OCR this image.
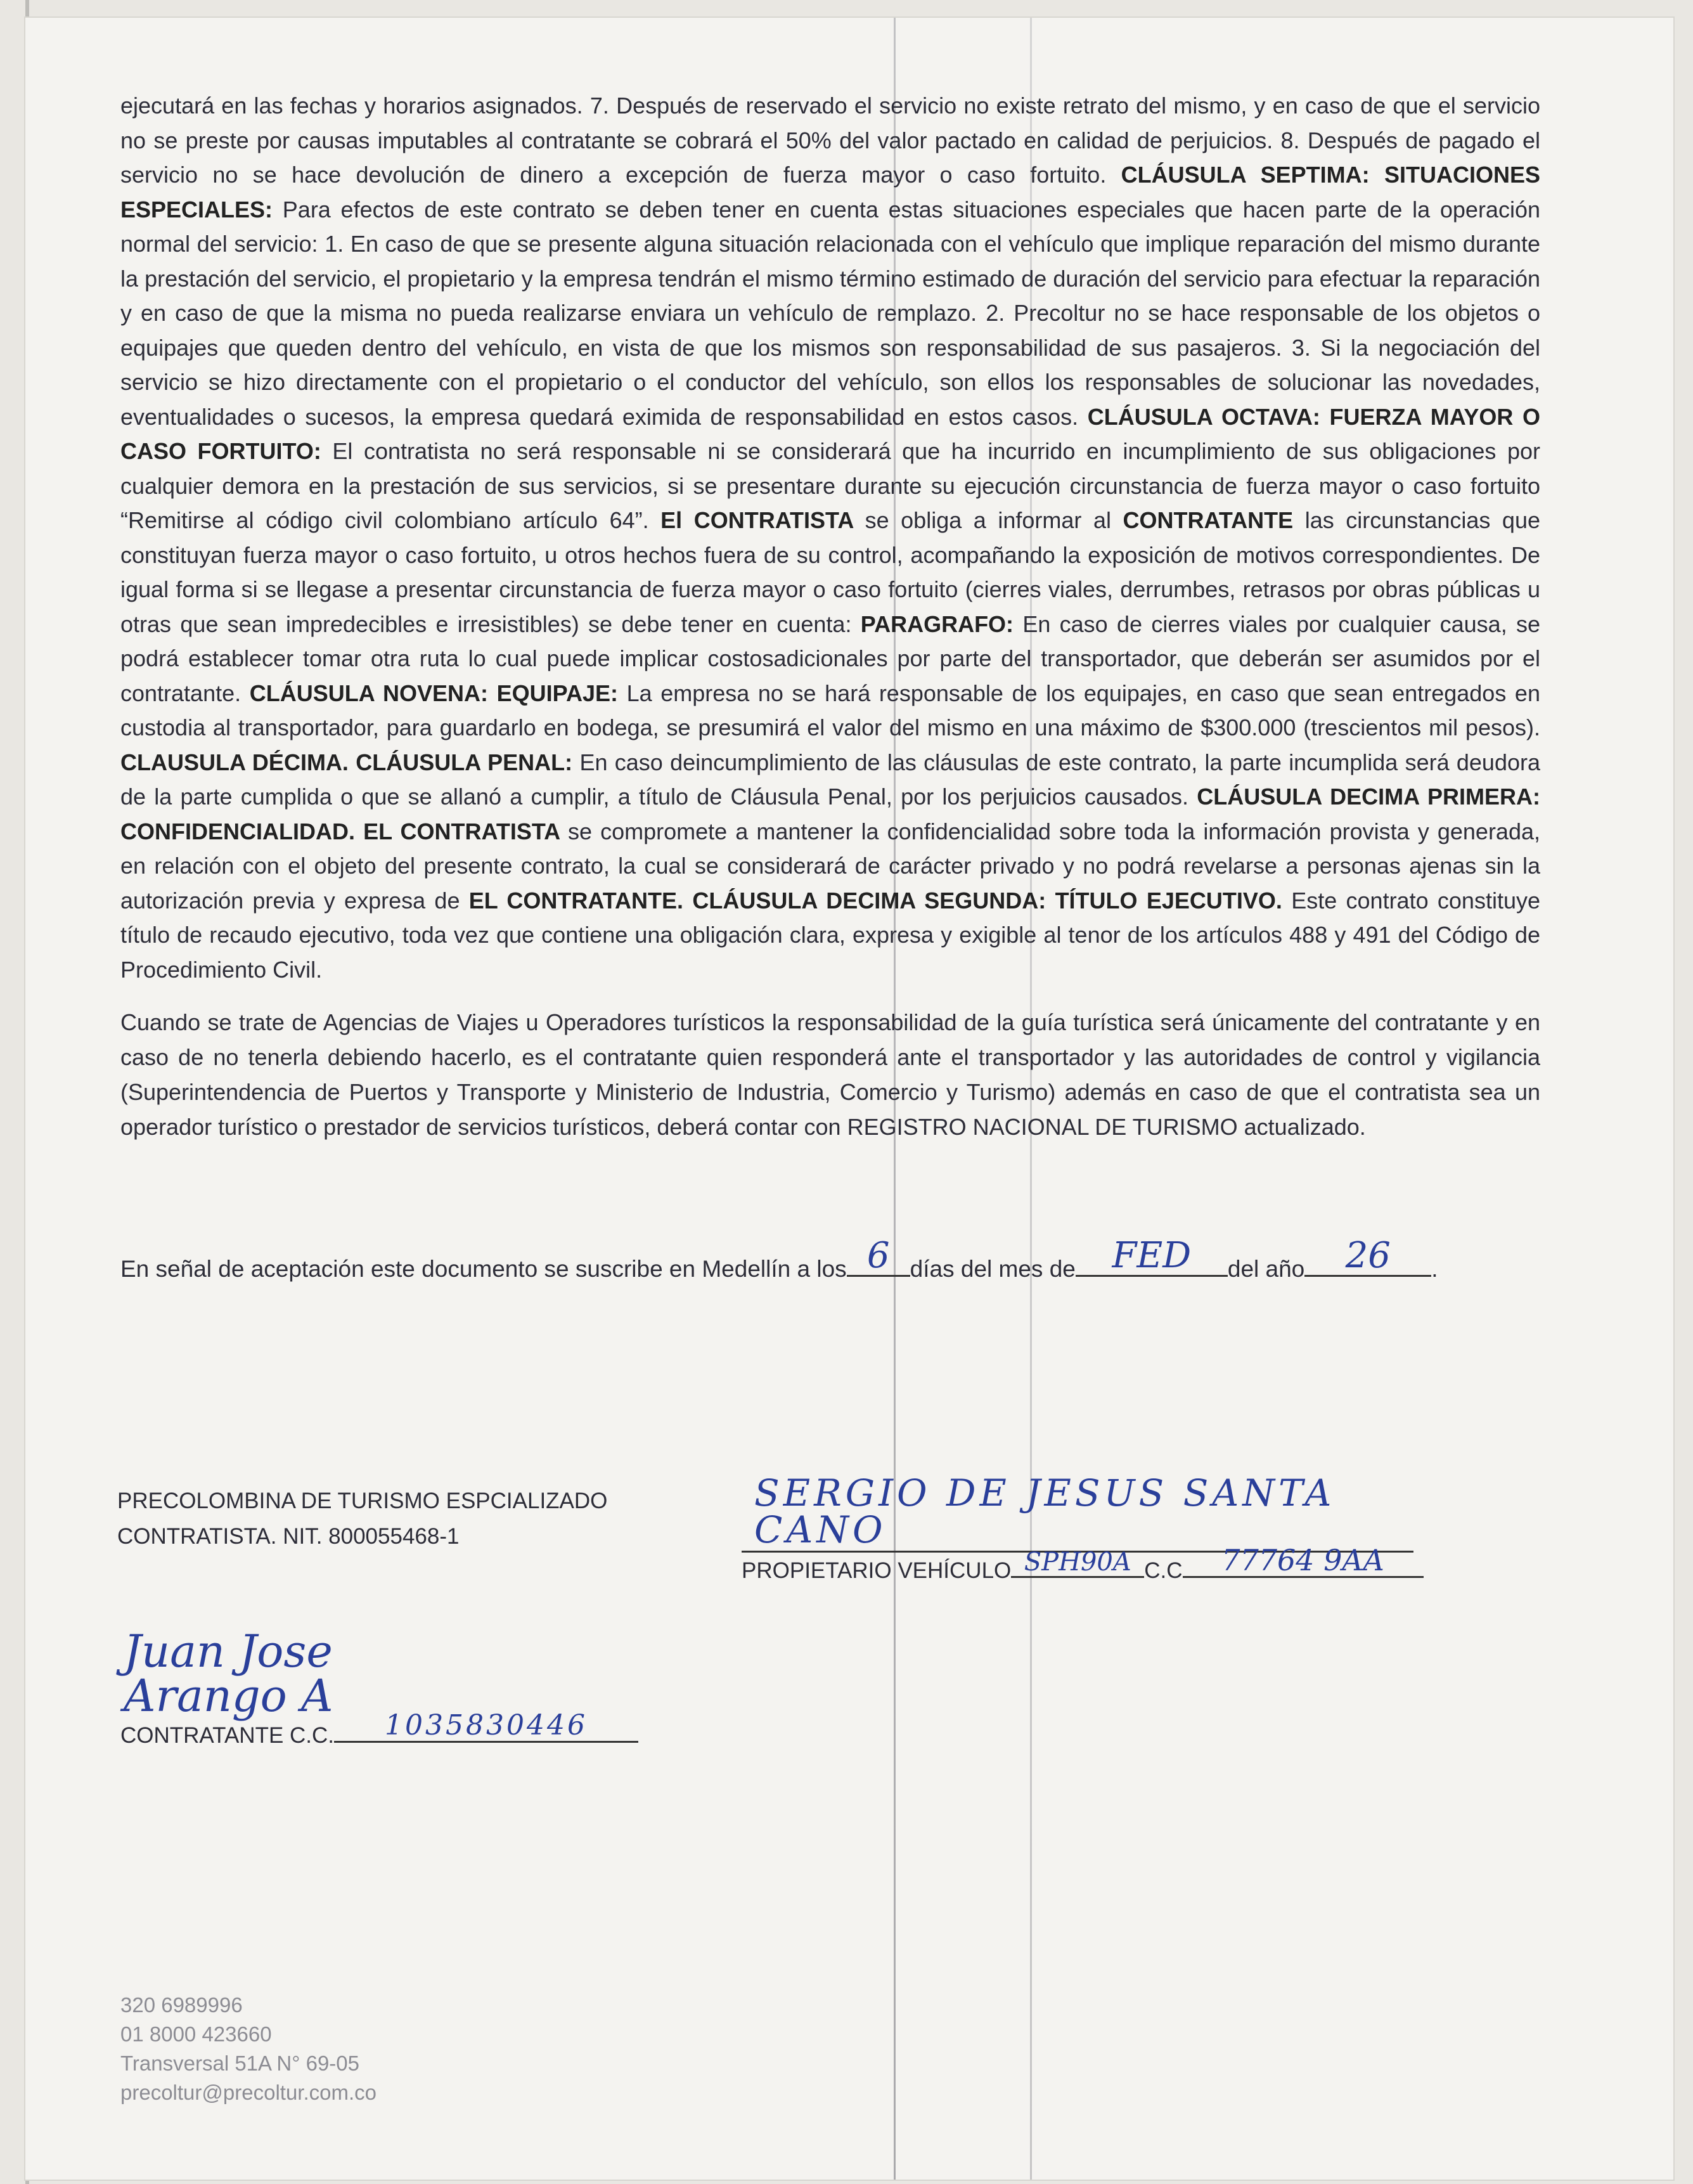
ejecutará en las fechas y horarios asignados. 7. Después de reservado el servicio no existe retrato del mismo, y en caso de que el servicio no se preste por causas imputables al contratante se cobrará el 50% del valor pactado en calidad de perjuicios. 8. Después de pagado el servicio no se hace devolución de dinero a excepción de fuerza mayor o caso fortuito. CLÁUSULA SEPTIMA: SITUACIONES ESPECIALES: Para efectos de este contrato se deben tener en cuenta estas situaciones especiales que hacen parte de la operación normal del servicio: 1. En caso de que se presente alguna situación relacionada con el vehículo que implique reparación del mismo durante la prestación del servicio, el propietario y la empresa tendrán el mismo término estimado de duración del servicio para efectuar la reparación y en caso de que la misma no pueda realizarse enviara un vehículo de remplazo. 2. Precoltur no se hace responsable de los objetos o equipajes que queden dentro del vehículo, en vista de que los mismos son responsabilidad de sus pasajeros. 3. Si la negociación del servicio se hizo directamente con el propietario o el conductor del vehículo, son ellos los responsables de solucionar las novedades, eventualidades o sucesos, la empresa quedará eximida de responsabilidad en estos casos. CLÁUSULA OCTAVA: FUERZA MAYOR O CASO FORTUITO: El contratista no será responsable ni se considerará que ha incurrido en incumplimiento de sus obligaciones por cualquier demora en la prestación de sus servicios, si se presentare durante su ejecución circunstancia de fuerza mayor o caso fortuito “Remitirse al código civil colombiano artículo 64”. El CONTRATISTA se obliga a informar al CONTRATANTE las circunstancias que constituyan fuerza mayor o caso fortuito, u otros hechos fuera de su control, acompañando la exposición de motivos correspondientes. De igual forma si se llegase a presentar circunstancia de fuerza mayor o caso fortuito (cierres viales, derrumbes, retrasos por obras públicas u otras que sean impredecibles e irresistibles) se debe tener en cuenta: PARAGRAFO: En caso de cierres viales por cualquier causa, se podrá establecer tomar otra ruta lo cual puede implicar costosadicionales por parte del transportador, que deberán ser asumidos por el contratante. CLÁUSULA NOVENA: EQUIPAJE: La empresa no se hará responsable de los equipajes, en caso que sean entregados en custodia al transportador, para guardarlo en bodega, se presumirá el valor del mismo en una máximo de $300.000 (trescientos mil pesos). CLAUSULA DÉCIMA. CLÁUSULA PENAL: En caso deincumplimiento de las cláusulas de este contrato, la parte incumplida será deudora de la parte cumplida o que se allanó a cumplir, a título de Cláusula Penal, por los perjuicios causados. CLÁUSULA DECIMA PRIMERA: CONFIDENCIALIDAD. EL CONTRATISTA se compromete a mantener la confidencialidad sobre toda la información provista y generada, en relación con el objeto del presente contrato, la cual se considerará de carácter privado y no podrá revelarse a personas ajenas sin la autorización previa y expresa de EL CONTRATANTE. CLÁUSULA DECIMA SEGUNDA: TÍTULO EJECUTIVO. Este contrato constituye título de recaudo ejecutivo, toda vez que contiene una obligación clara, expresa y exigible al tenor de los artículos 488 y 491 del Código de Procedimiento Civil.
Cuando se trate de Agencias de Viajes u Operadores turísticos la responsabilidad de la guía turística será únicamente del contratante y en caso de no tenerla debiendo hacerlo, es el contratante quien responderá ante el transportador y las autoridades de control y vigilancia (Superintendencia de Puertos y Transporte y Ministerio de Industria, Comercio y Turismo) además en caso de que el contratista sea un operador turístico o prestador de servicios turísticos, deberá contar con REGISTRO NACIONAL DE TURISMO actualizado.
En señal de aceptación este documento se suscribe en Medellín a los 6 días del mes de	FED	del año	26	.
PRECOLOMBINA DE TURISMO ESPCIALIZADO
CONTRATISTA. NIT. 800055468-1
SERGIO DE JESUS SANTA CANO
PROPIETARIO VEHÍCULO SPH90A C.C	77764 9AA
Juan Jose Arango A
CONTRATANTE C.C.	1035830446
320 6989996
01 8000 423660
Transversal 51A N° 69-05
precoltur@precoltur.com.co
